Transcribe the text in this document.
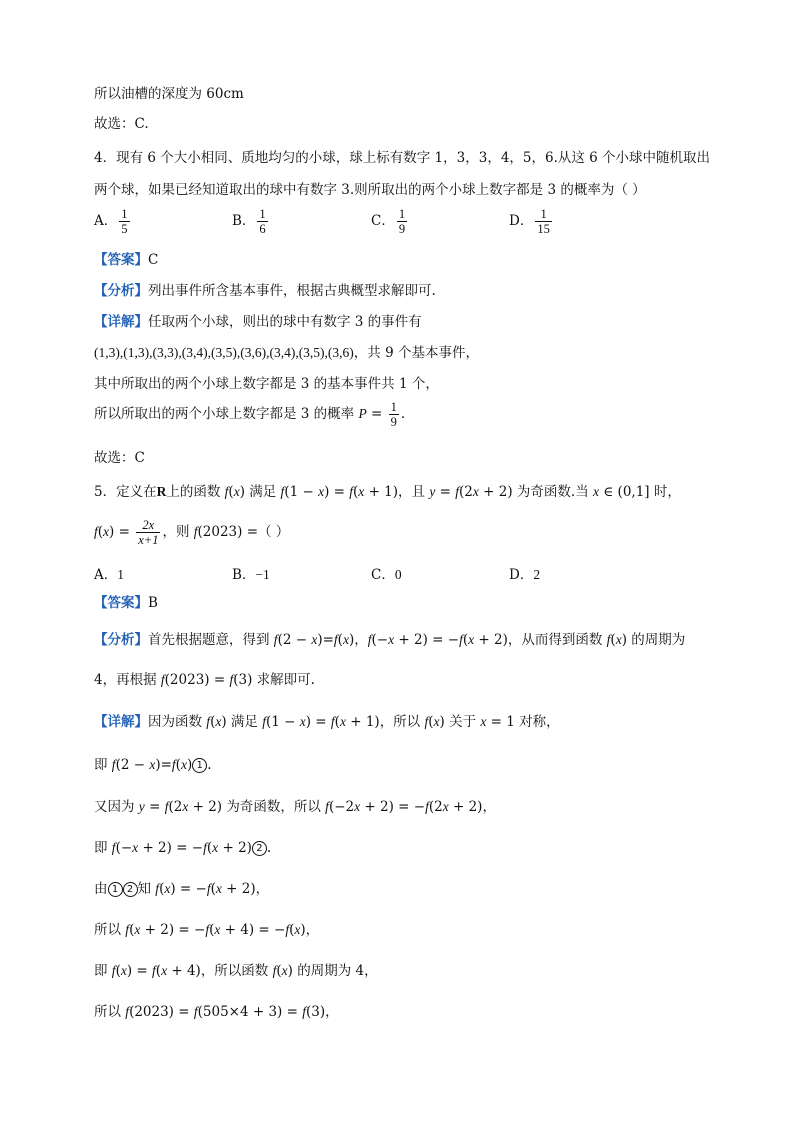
所以油槽的深度为 60cm
故选：C.
4．现有 6 个大小相同、质地均匀的小球，球上标有数字 1，3，3，4，5，6.从这 6 个小球中随机取出
两个球，如果已经知道取出的球中有数字 3.则所取出的两个小球上数字都是 3 的概率为（ ）
A． $\frac{1}{5}$	B． $\frac{1}{6}$	C． $\frac{1}{9}$	D． $\frac{1}{15}$
【答案】C
【分析】列出事件所含基本事件，根据古典概型求解即可.
【详解】任取两个小球，则出的球中有数字 3 的事件有
(1,3),(1,3),(3,3),(3,4),(3,5),(3,6),(3,4),(3,5),(3,6)，共 9 个基本事件，
其中所取出的两个小球上数字都是 3 的基本事件共 1 个，
所以所取出的两个小球上数字都是 3 的概率 $P = \frac{1}{9}$ .
故选：C
5．定义在R上的函数 f(x) 满足 f(1 − x) = f(x + 1)，且 y = f(2x + 2) 为奇函数.当 x ∈ (0,1] 时，
$f(x) = \frac{2x}{x+1}$ ，则 f(2023) =（ ）
A．1	B．−1	C．0	D．2
【答案】B
【分析】首先根据题意，得到 f(2 − x)=f(x)，f(−x + 2) = −f(x + 2)，从而得到函数 f(x) 的周期为
4，再根据 f(2023) = f(3) 求解即可.
【详解】因为函数 f(x) 满足 f(1 − x) = f(x + 1)，所以 f(x) 关于 x = 1 对称，
即 f(2 − x)=f(x) 1 .
又因为 y = f(2x + 2) 为奇函数，所以 f(−2x + 2) = −f(2x + 2)，
即 f(−x + 2) = −f(x + 2) 2 .
由 1 2 知 f(x) = −f(x + 2)，
所以 f(x + 2) = −f(x + 4) = −f(x)，
即 f(x) = f(x + 4)，所以函数 f(x) 的周期为 4，
所以 f(2023) = f(505×4 + 3) = f(3)，
